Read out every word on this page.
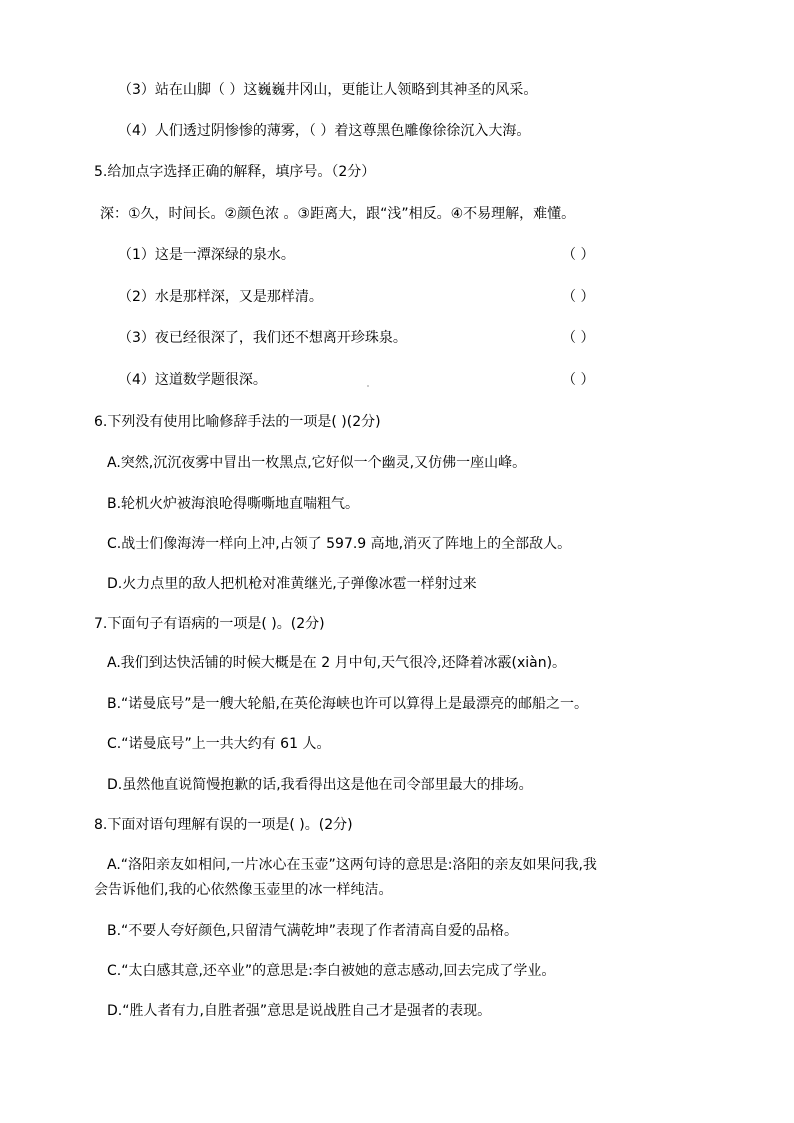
（3）站在山脚（ ）这巍巍井冈山，更能让人领略到其神圣的风采。
（4）人们透过阴惨惨的薄雾，（ ）着这尊黑色雕像徐徐沉入大海。
5.给加点字选择正确的解释，填序号。（2分）
深：①久，时间长。②颜色浓 。③距离大，跟“浅”相反。④不易理解，难懂。
（1）这是一潭深绿的泉水。	（ ）
（2）水是那样深，又是那样清。	（ ）
（3）夜已经很深了，我们还不想离开珍珠泉。	（ ）
（4）这道数学题很深。	（ ）
6.下列没有使用比喻修辞手法的一项是( )(2分)
A.突然,沉沉夜雾中冒出一枚黑点,它好似一个幽灵,又仿佛一座山峰。
B.轮机火炉被海浪呛得嘶嘶地直喘粗气。
C.战士们像海涛一样向上冲,占领了 597.9 高地,消灭了阵地上的全部敌人。
D.火力点里的敌人把机枪对准黄继光,子弹像冰雹一样射过来
7.下面句子有语病的一项是( )。(2分)
A.我们到达快活铺的时候大概是在 2 月中旬,天气很冷,还降着冰霰(xiàn)。
B.“诺曼底号”是一艘大轮船,在英伦海峡也许可以算得上是最漂亮的邮船之一。
C.“诺曼底号”上一共大约有 61 人。
D.虽然他直说简慢抱歉的话,我看得出这是他在司令部里最大的排场。
8.下面对语句理解有误的一项是( )。(2分)
A.“洛阳亲友如相问,一片冰心在玉壶”这两句诗的意思是:洛阳的亲友如果问我,我
会告诉他们,我的心依然像玉壶里的冰一样纯洁。
B.“不要人夸好颜色,只留清气满乾坤”表现了作者清高自爱的品格。
C.“太白感其意,还卒业”的意思是:李白被她的意志感动,回去完成了学业。
D.“胜人者有力,自胜者强”意思是说战胜自己才是强者的表现。
